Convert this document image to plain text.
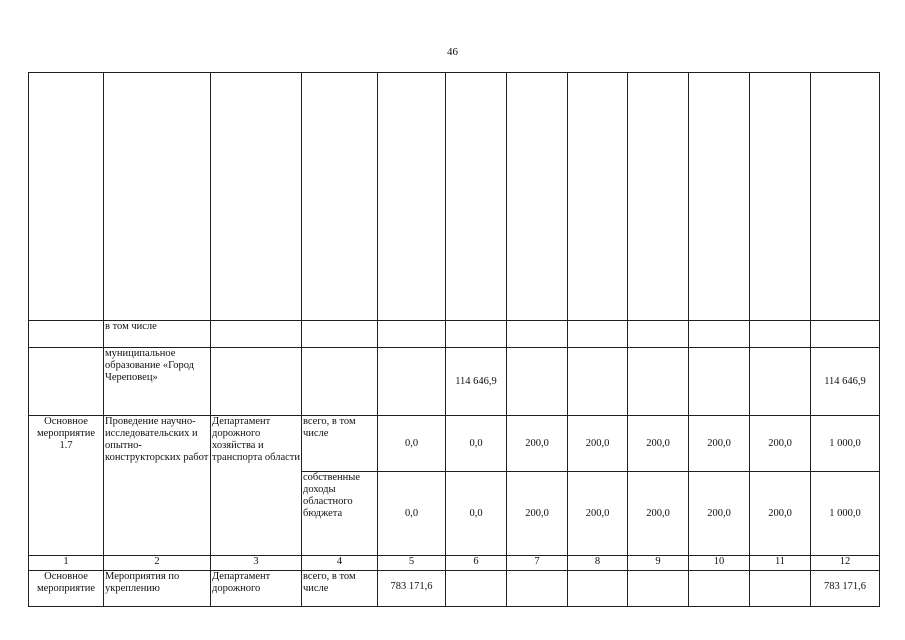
46

	в том числе										
	муниципальное образование «Город Череповец»				114 646,9						114 646,9
Основное мероприятие 1.7	Проведение научно-исследовательских и опытно-конструкторских работ	Департамент дорожного хозяйства и транспорта области	всего, в том числе	0,0	0,0	200,0	200,0	200,0	200,0	200,0	1 000,0
			собственные доходы областного бюджета	0,0	0,0	200,0	200,0	200,0	200,0	200,0	1 000,0
1	2	3	4	5	6	7	8	9	10	11	12
Основное мероприятие	Мероприятия по укреплению	Департамент дорожного	всего, в том числе	783 171,6							783 171,6
